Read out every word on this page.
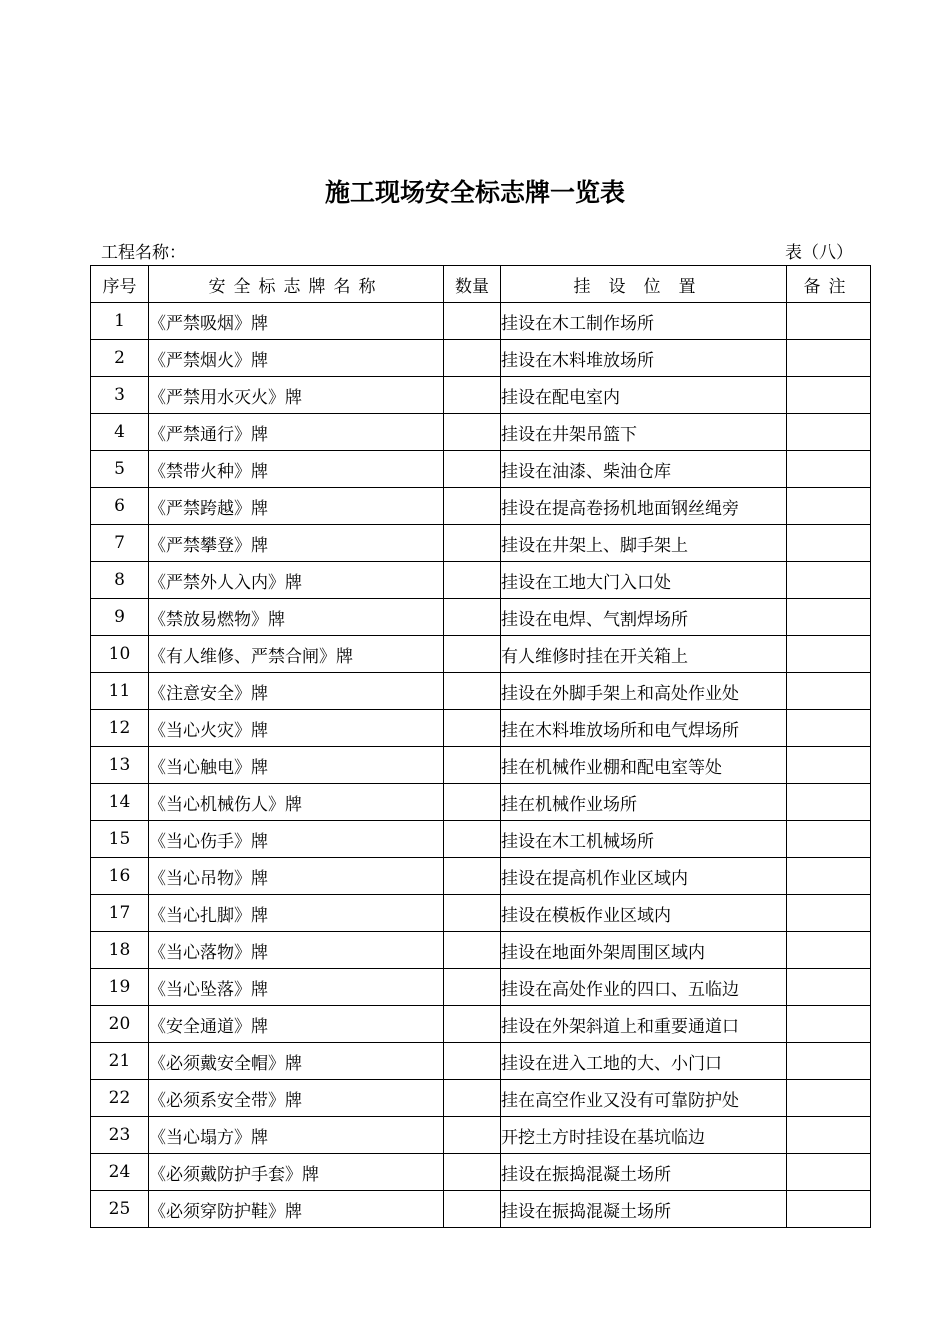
施工现场安全标志牌一览表
工程名称：	表（八）
序号	安全标志牌名称	数量	挂设位置	备注
1	《严禁吸烟》牌		挂设在木工制作场所	
2	《严禁烟火》牌		挂设在木料堆放场所	
3	《严禁用水灭火》牌		挂设在配电室内	
4	《严禁通行》牌		挂设在井架吊篮下	
5	《禁带火种》牌		挂设在油漆、柴油仓库	
6	《严禁跨越》牌		挂设在提高卷扬机地面钢丝绳旁	
7	《严禁攀登》牌		挂设在井架上、脚手架上	
8	《严禁外人入内》牌		挂设在工地大门入口处	
9	《禁放易燃物》牌		挂设在电焊、气割焊场所	
10	《有人维修、严禁合闸》牌		有人维修时挂在开关箱上	
11	《注意安全》牌		挂设在外脚手架上和高处作业处	
12	《当心火灾》牌		挂在木料堆放场所和电气焊场所	
13	《当心触电》牌		挂在机械作业棚和配电室等处	
14	《当心机械伤人》牌		挂在机械作业场所	
15	《当心伤手》牌		挂设在木工机械场所	
16	《当心吊物》牌		挂设在提高机作业区域内	
17	《当心扎脚》牌		挂设在模板作业区域内	
18	《当心落物》牌		挂设在地面外架周围区域内	
19	《当心坠落》牌		挂设在高处作业的四口、五临边	
20	《安全通道》牌		挂设在外架斜道上和重要通道口	
21	《必须戴安全帽》牌		挂设在进入工地的大、小门口	
22	《必须系安全带》牌		挂在高空作业又没有可靠防护处	
23	《当心塌方》牌		开挖土方时挂设在基坑临边	
24	《必须戴防护手套》牌		挂设在振捣混凝土场所	
25	《必须穿防护鞋》牌		挂设在振捣混凝土场所	
